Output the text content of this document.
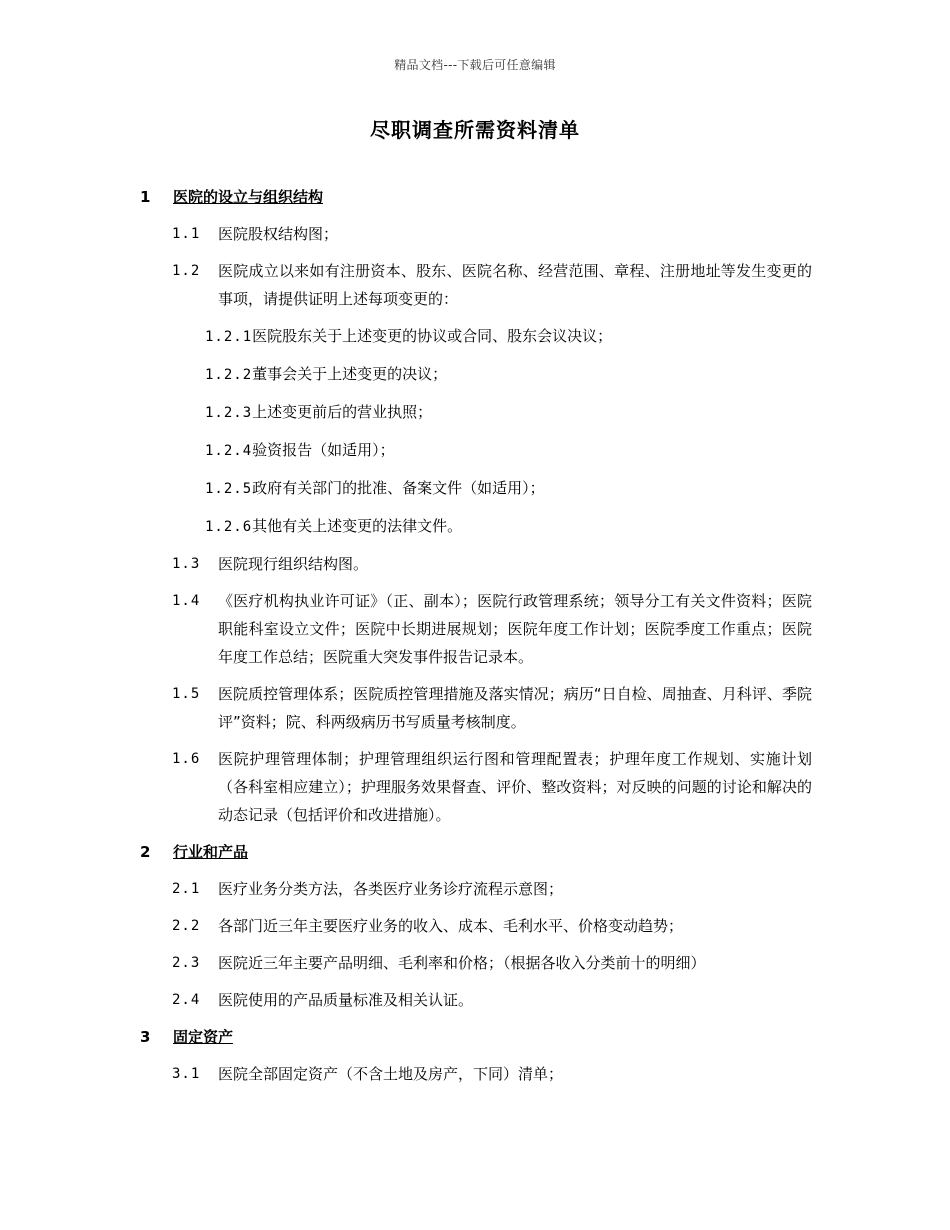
精品文档---下载后可任意编辑
尽职调查所需资料清单
1 医院的设立与组织结构
1.1	医院股权结构图；
1.2	医院成立以来如有注册资本、股东、医院名称、经营范围、章程、注册地址等发生变更的事项，请提供证明上述每项变更的：
1.2.1医院股东关于上述变更的协议或合同、股东会议决议；
1.2.2董事会关于上述变更的决议；
1.2.3上述变更前后的营业执照；
1.2.4验资报告（如适用）；
1.2.5政府有关部门的批准、备案文件（如适用）；
1.2.6其他有关上述变更的法律文件。
1.3	医院现行组织结构图。
1.4	《医疗机构执业许可证》（正、副本）；医院行政管理系统；领导分工有关文件资料；医院职能科室设立文件；医院中长期进展规划；医院年度工作计划；医院季度工作重点；医院年度工作总结；医院重大突发事件报告记录本。
1.5	医院质控管理体系；医院质控管理措施及落实情况；病历“日自检、周抽查、月科评、季院评”资料；院、科两级病历书写质量考核制度。
1.6	医院护理管理体制；护理管理组织运行图和管理配置表；护理年度工作规划、实施计划（各科室相应建立）；护理服务效果督查、评价、整改资料；对反映的问题的讨论和解决的动态记录（包括评价和改进措施）。
2 行业和产品
2.1	医疗业务分类方法，各类医疗业务诊疗流程示意图；
2.2	各部门近三年主要医疗业务的收入、成本、毛利水平、价格变动趋势；
2.3	医院近三年主要产品明细、毛利率和价格；（根据各收入分类前十的明细）
2.4	医院使用的产品质量标准及相关认证。
3 固定资产
3.1	医院全部固定资产（不含土地及房产，下同）清单；
